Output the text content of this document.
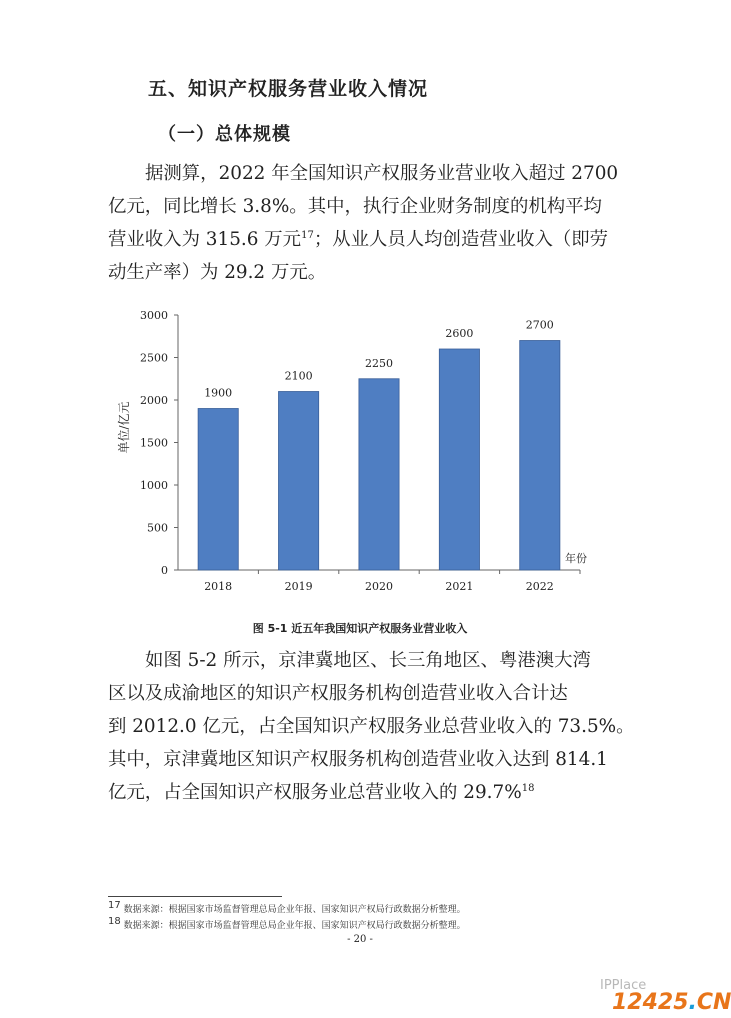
五、知识产权服务营业收入情况
（一）总体规模

据测算，2022 年全国知识产权服务业营业收入超过 2700

亿元，同比增长 3.8%。其中，执行企业财务制度的机构平均

营业收入为 315.6 万元$^{17}$；从业人员人均创造营业收入（即劳

动生产率）为 29.2 万元。

0
500
1000
1500
2000
2500
3000
单位/亿元
1900
2018
2100
2019
2250
2020
2600
2021
2700
2022
年份
图 5-1 近五年我国知识产权服务业营业收入

如图 5-2 所示，京津冀地区、长三角地区、粤港澳大湾

区以及成渝地区的知识产权服务机构创造营业收入合计达

到 2012.0 亿元，占全国知识产权服务业总营业收入的 73.5%。

其中，京津冀地区知识产权服务机构创造营业收入达到 814.1

亿元，占全国知识产权服务业总营业收入的 29.7%$^{18}$

$^{17}$ 数据来源：根据国家市场监督管理总局企业年报、国家知识产权局行政数据分析整理。
$^{18}$ 数据来源：根据国家市场监督管理总局企业年报、国家知识产权局行政数据分析整理。
- 20 -
IPPlace
12425.CN
